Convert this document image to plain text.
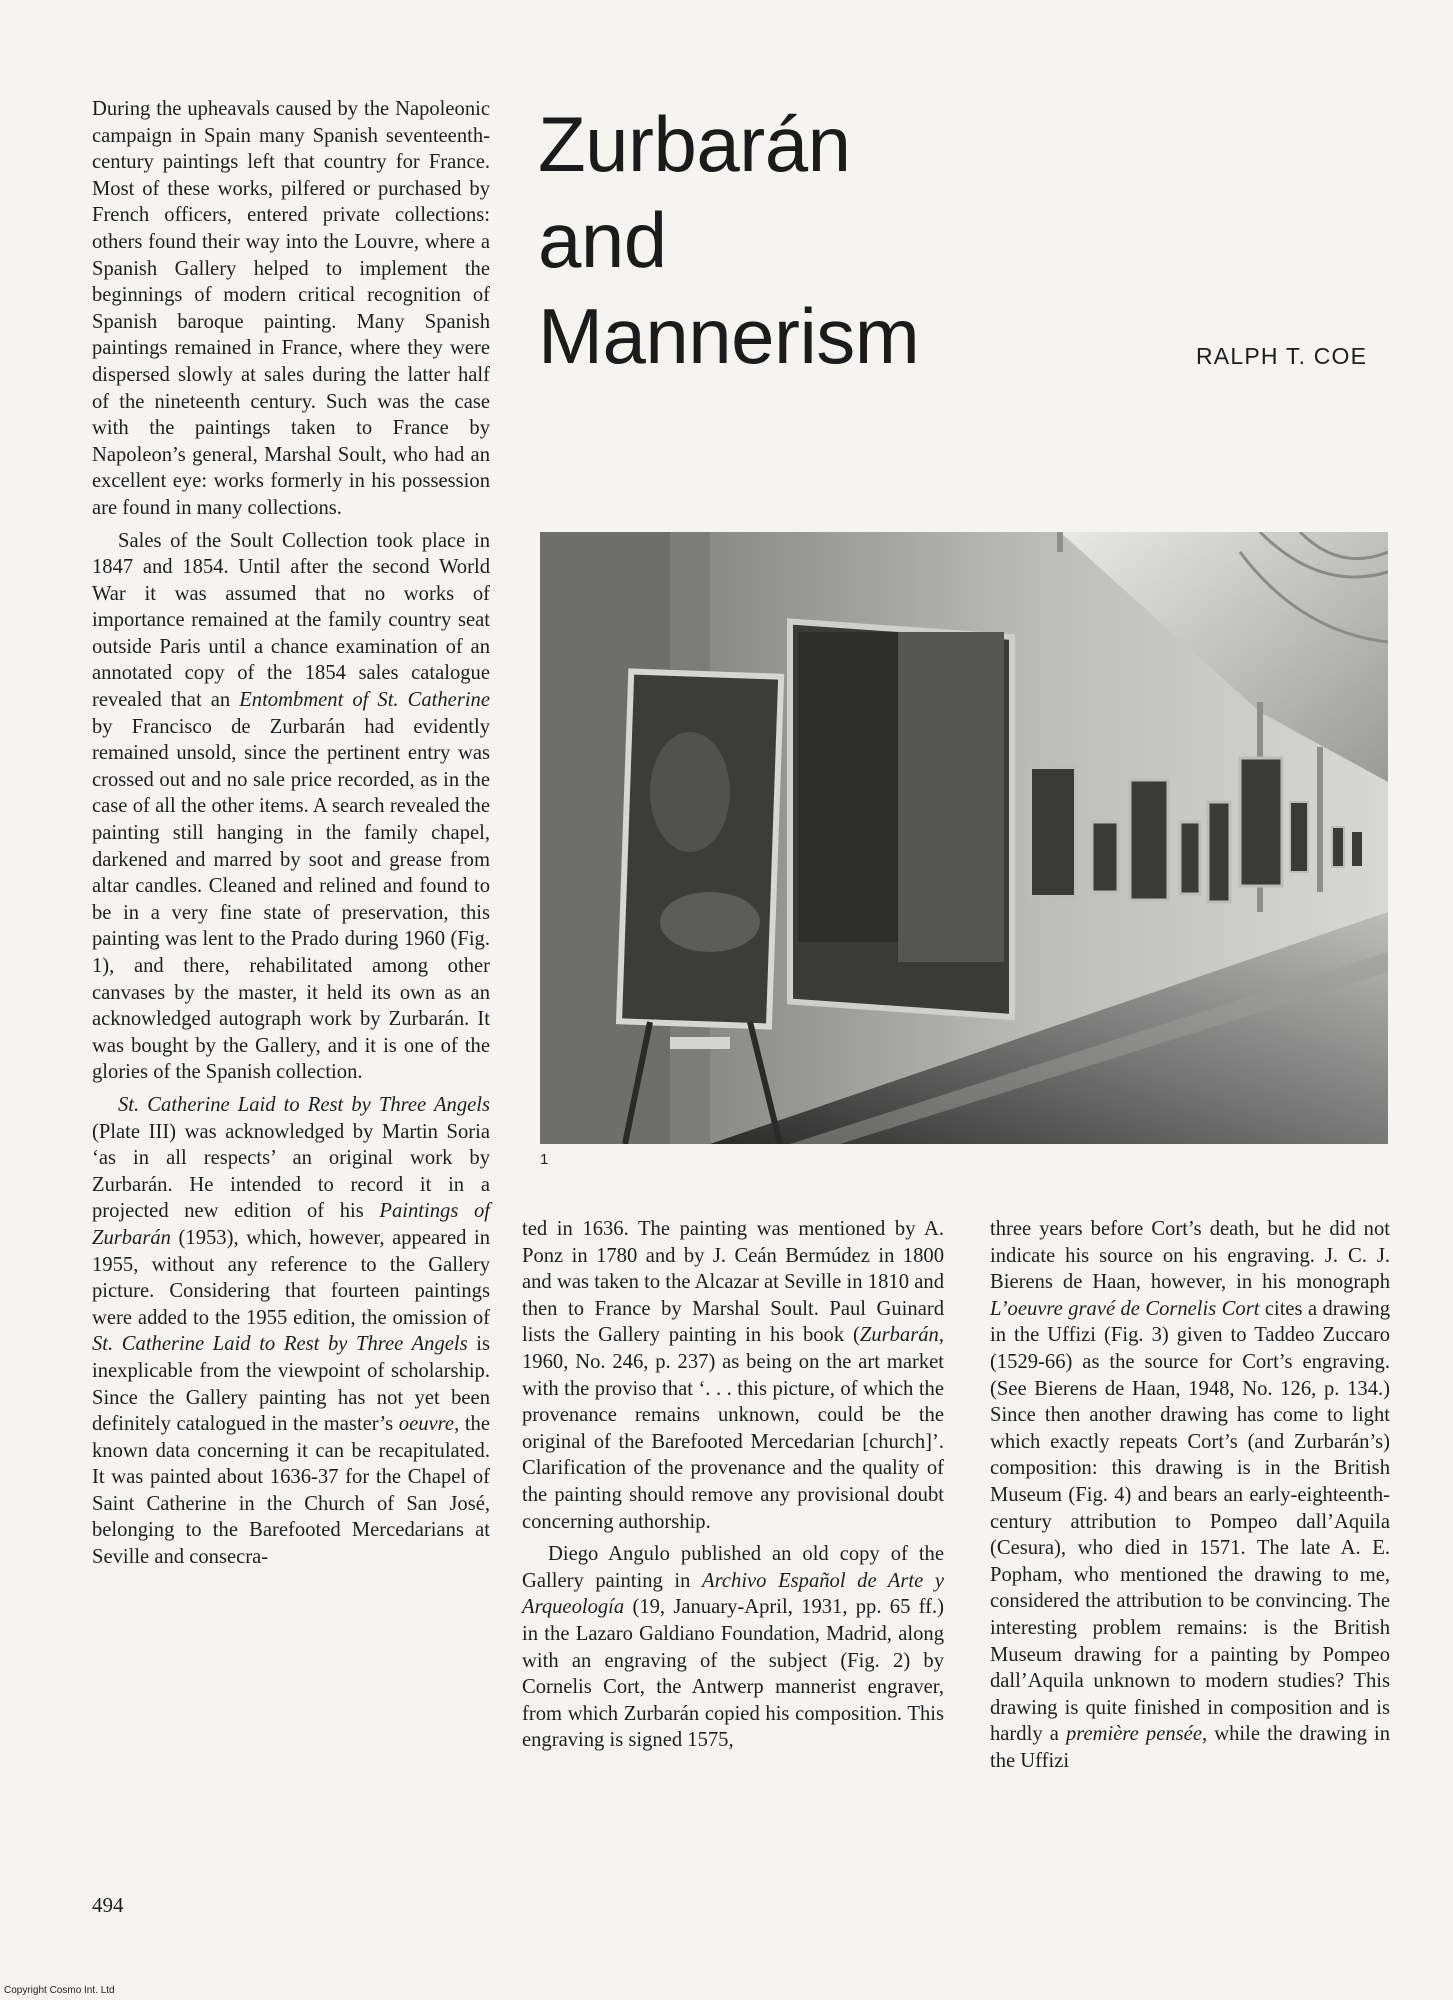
During the upheavals caused by the Napoleonic campaign in Spain many Spanish seventeenth-century paintings left that country for France. Most of these works, pilfered or purchased by French officers, entered private collections: others found their way into the Louvre, where a Spanish Gallery helped to implement the beginnings of modern critical recognition of Spanish baroque painting. Many Spanish paintings remained in France, where they were dispersed slowly at sales during the latter half of the nineteenth century. Such was the case with the paintings taken to France by Napoleon’s general, Marshal Soult, who had an excellent eye: works formerly in his possession are found in many collections.

Sales of the Soult Collection took place in 1847 and 1854. Until after the second World War it was assumed that no works of importance remained at the family country seat outside Paris until a chance examination of an annotated copy of the 1854 sales catalogue revealed that an Entombment of St. Catherine by Francisco de Zurbarán had evidently remained unsold, since the pertinent entry was crossed out and no sale price recorded, as in the case of all the other items. A search revealed the painting still hanging in the family chapel, darkened and marred by soot and grease from altar candles. Cleaned and relined and found to be in a very fine state of preservation, this painting was lent to the Prado during 1960 (Fig. 1), and there, rehabilitated among other canvases by the master, it held its own as an acknowledged autograph work by Zurbarán. It was bought by the Gallery, and it is one of the glories of the Spanish collection.

St. Catherine Laid to Rest by Three Angels (Plate III) was acknowledged by Martin Soria ‘as in all respects’ an original work by Zurbarán. He intended to record it in a projected new edition of his Paintings of Zurbarán (1953), which, however, appeared in 1955, without any reference to the Gallery picture. Considering that fourteen paintings were added to the 1955 edition, the omission of St. Catherine Laid to Rest by Three Angels is inexplicable from the viewpoint of scholarship. Since the Gallery painting has not yet been definitely catalogued in the master’s oeuvre, the known data concerning it can be recapitulated. It was painted about 1636-37 for the Chapel of Saint Catherine in the Church of San José, belonging to the Barefooted Mercedarians at Seville and consecra-

Zurbarán
and
Mannerism	RALPH T. COE
1

ted in 1636. The painting was mentioned by A. Ponz in 1780 and by J. Ceán Bermúdez in 1800 and was taken to the Alcazar at Seville in 1810 and then to France by Marshal Soult. Paul Guinard lists the Gallery painting in his book (Zurbarán, 1960, No. 246, p. 237) as being on the art market with the proviso that ‘. . . this picture, of which the provenance remains unknown, could be the original of the Barefooted Mercedarian [church]’. Clarification of the provenance and the quality of the painting should remove any provisional doubt concerning authorship.

Diego Angulo published an old copy of the Gallery painting in Archivo Español de Arte y Arqueología (19, January-April, 1931, pp. 65 ff.) in the Lazaro Galdiano Foundation, Madrid, along with an engraving of the subject (Fig. 2) by Cornelis Cort, the Antwerp mannerist engraver, from which Zurbarán copied his composition. This engraving is signed 1575,

three years before Cort’s death, but he did not indicate his source on his engraving. J. C. J. Bierens de Haan, however, in his monograph L’oeuvre gravé de Cornelis Cort cites a drawing in the Uffizi (Fig. 3) given to Taddeo Zuccaro (1529-66) as the source for Cort’s engraving. (See Bierens de Haan, 1948, No. 126, p. 134.) Since then another drawing has come to light which exactly repeats Cort’s (and Zurbarán’s) composition: this drawing is in the British Museum (Fig. 4) and bears an early-eighteenth-century attribution to Pompeo dall’Aquila (Cesura), who died in 1571. The late A. E. Popham, who mentioned the drawing to me, considered the attribution to be convincing. The interesting problem remains: is the British Museum drawing for a painting by Pompeo dall’Aquila unknown to modern studies? This drawing is quite finished in composition and is hardly a première pensée, while the drawing in the Uffizi

494
Copyright Cosmo Int. Ltd
